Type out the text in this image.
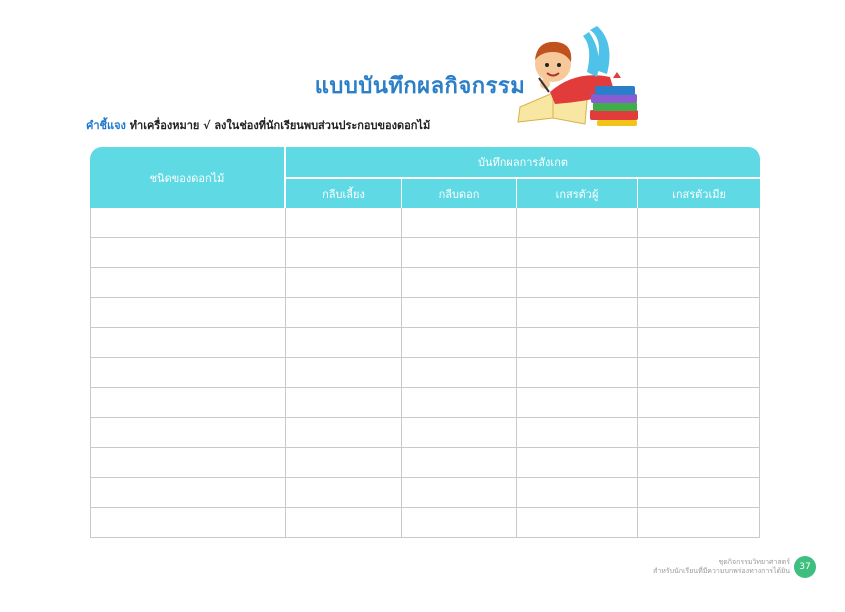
แบบบันทึกผลกิจกรรม
คำชี้แจง ทำเครื่องหมาย √ ลงในช่องที่นักเรียนพบส่วนประกอบของดอกไม้
ชนิดของดอกไม้	บันทึกผลการสังเกต			
	กลีบเลี้ยง	กลีบดอก	เกสรตัวผู้	เกสรตัวเมีย

ชุดกิจกรรมวิทยาศาสตร์
สำหรับนักเรียนที่มีความบกพร่องทางการได้ยิน	37
